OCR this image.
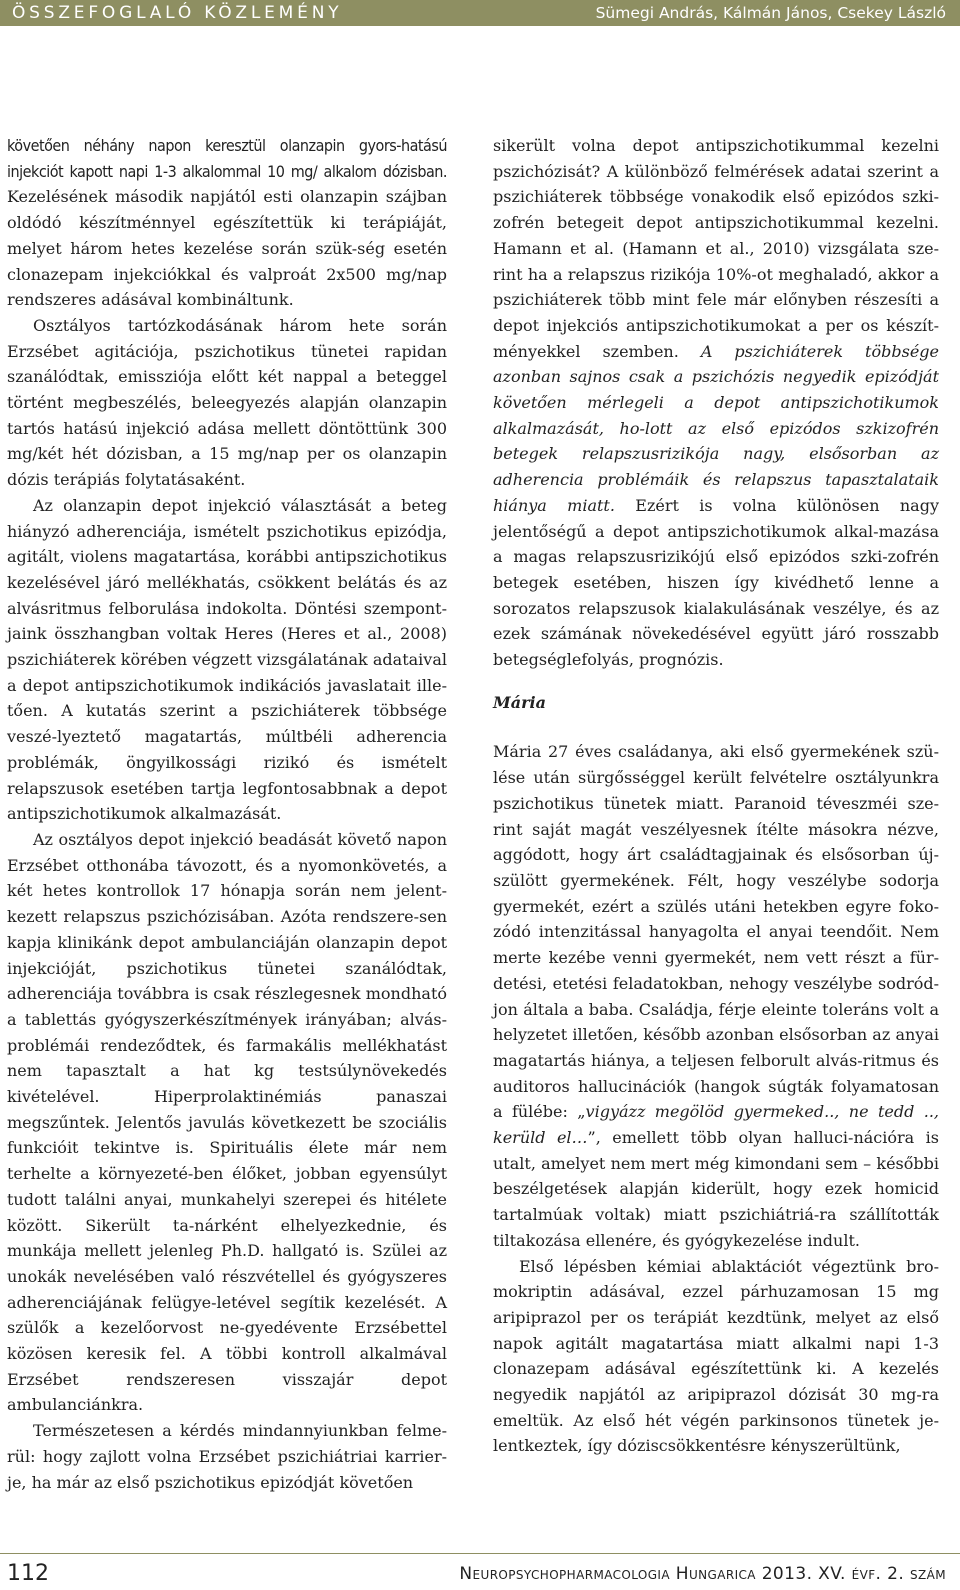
ÖSSZEFOGLALÓ KÖZLEMÉNY	Sümegi András, Kálmán János, Csekey László

követően néhány napon keresztül olanzapin gyors-hatású injekciót kapott napi 1-3 alkalommal 10 mg/ alkalom dózisban. Kezelésének második napjától esti olanzapin szájban oldódó készítménnyel egészítettük ki terápiáját, melyet három hetes kezelése során szük-ség esetén clonazepam injekciókkal és valproát 2x500 mg/nap rendszeres adásával kombináltunk.

Osztályos tartózkodásának három hete során Erzsébet agitációja, pszichotikus tünetei rapidan szanálódtak, emissziója előtt két nappal a beteggel történt megbeszélés, beleegyezés alapján olanzapin tartós hatású injekció adása mellett döntöttünk 300 mg/két hét dózisban, a 15 mg/nap per os olanzapin dózis terápiás folytatásaként.

Az olanzapin depot injekció választását a beteg hiányzó adherenciája, ismételt pszichotikus epizódja, agitált, violens magatartása, korábbi antipszichotikus kezelésével járó mellékhatás, csökkent belátás és az alvásritmus felborulása indokolta. Döntési szempont-jaink összhangban voltak Heres (Heres et al., 2008) pszichiáterek körében végzett vizsgálatának adataival a depot antipszichotikumok indikációs javaslatait ille-tően. A kutatás szerint a pszichiáterek többsége veszé-lyeztető magatartás, múltbéli adherencia problémák, öngyilkossági rizikó és ismételt relapszusok esetében tartja legfontosabbnak a depot antipszichotikumok alkalmazását.

Az osztályos depot injekció beadását követő napon Erzsébet otthonába távozott, és a nyomonkövetés, a két hetes kontrollok 17 hónapja során nem jelent-kezett relapszus pszichózisában. Azóta rendszere-sen kapja klinikánk depot ambulanciáján olanzapin depot injekcióját, pszichotikus tünetei szanálódtak, adherenciája továbbra is csak részlegesnek mondható a tablettás gyógyszerkészítmények irányában; alvás-problémái rendeződtek, és farmakális mellékhatást nem tapasztalt a hat kg testsúlynövekedés kivételével. Hiperprolaktinémiás panaszai megszűntek. Jelentős javulás következett be szociális funkcióit tekintve is. Spirituális élete már nem terhelte a környezeté-ben élőket, jobban egyensúlyt tudott találni anyai, munkahelyi szerepei és hitélete között. Sikerült ta-nárként elhelyezkednie, és munkája mellett jelenleg Ph.D. hallgató is. Szülei az unokák nevelésében való részvétellel és gyógyszeres adherenciájának felügye-letével segítik kezelését. A szülők a kezelőorvost ne-gyedévente Erzsébettel közösen keresik fel. A többi kontroll alkalmával Erzsébet rendszeresen visszajár depot ambulanciánkra.

Természetesen a kérdés mindannyiunkban felme-rül: hogy zajlott volna Erzsébet pszichiátriai karrier-je, ha már az első pszichotikus epizódját követően

sikerült volna depot antipszichotikummal kezelni pszichózisát? A különböző felmérések adatai szerint a pszichiáterek többsége vonakodik első epizódos szki-zofrén betegeit depot antipszichotikummal kezelni. Hamann et al. (Hamann et al., 2010) vizsgálata sze-rint ha a relapszus rizikója 10%-ot meghaladó, akkor a pszichiáterek több mint fele már előnyben részesíti a depot injekciós antipszichotikumokat a per os készít-ményekkel szemben. A pszichiáterek többsége azonban sajnos csak a pszichózis negyedik epizódját követően mérlegeli a depot antipszichotikumok alkalmazását, ho-lott az első epizódos szkizofrén betegek relapszusrizikója nagy, elsősorban az adherencia problémáik és relapszus tapasztalataik hiánya miatt. Ezért is volna különösen nagy jelentőségű a depot antipszichotikumok alkal-mazása a magas relapszusrizikójú első epizódos szki-zofrén betegek esetében, hiszen így kivédhető lenne a sorozatos relapszusok kialakulásának veszélye, és az ezek számának növekedésével együtt járó rosszabb betegséglefolyás, prognózis.

Mária

Mária 27 éves családanya, aki első gyermekének szü-lése után sürgősséggel került felvételre osztályunkra pszichotikus tünetek miatt. Paranoid téveszméi sze-rint saját magát veszélyesnek ítélte másokra nézve, aggódott, hogy árt családtagjainak és elsősorban új-szülött gyermekének. Félt, hogy veszélybe sodorja gyermekét, ezért a szülés utáni hetekben egyre foko-zódó intenzitással hanyagolta el anyai teendőit. Nem merte kezébe venni gyermekét, nem vett részt a für-detési, etetési feladatokban, nehogy veszélybe sodród-jon általa a baba. Családja, férje eleinte toleráns volt a helyzetet illetően, később azonban elsősorban az anyai magatartás hiánya, a teljesen felborult alvás-ritmus és auditoros hallucinációk (hangok súgták folyamatosan a fülébe: „vigyázz megölöd gyermeked.., ne tedd .., kerüld el…”, emellett több olyan halluci-nációra is utalt, amelyet nem mert még kimondani sem – későbbi beszélgetések alapján kiderült, hogy ezek homicid tartalmúak voltak) miatt pszichiátriá-ra szállították tiltakozása ellenére, és gyógykezelése indult.

Első lépésben kémiai ablaktációt végeztünk bro-mokriptin adásával, ezzel párhuzamosan 15 mg aripiprazol per os terápiát kezdtünk, melyet az első napok agitált magatartása miatt alkalmi napi 1-3 clonazepam adásával egészítettünk ki. A kezelés negyedik napjától az aripiprazol dózisát 30 mg-ra emeltük. Az első hét végén parkinsonos tünetek je-lentkeztek, így dóziscsökkentésre kényszerültünk,

112	Neuropsychopharmacologia Hungarica 2013. XV. évf. 2. szám
